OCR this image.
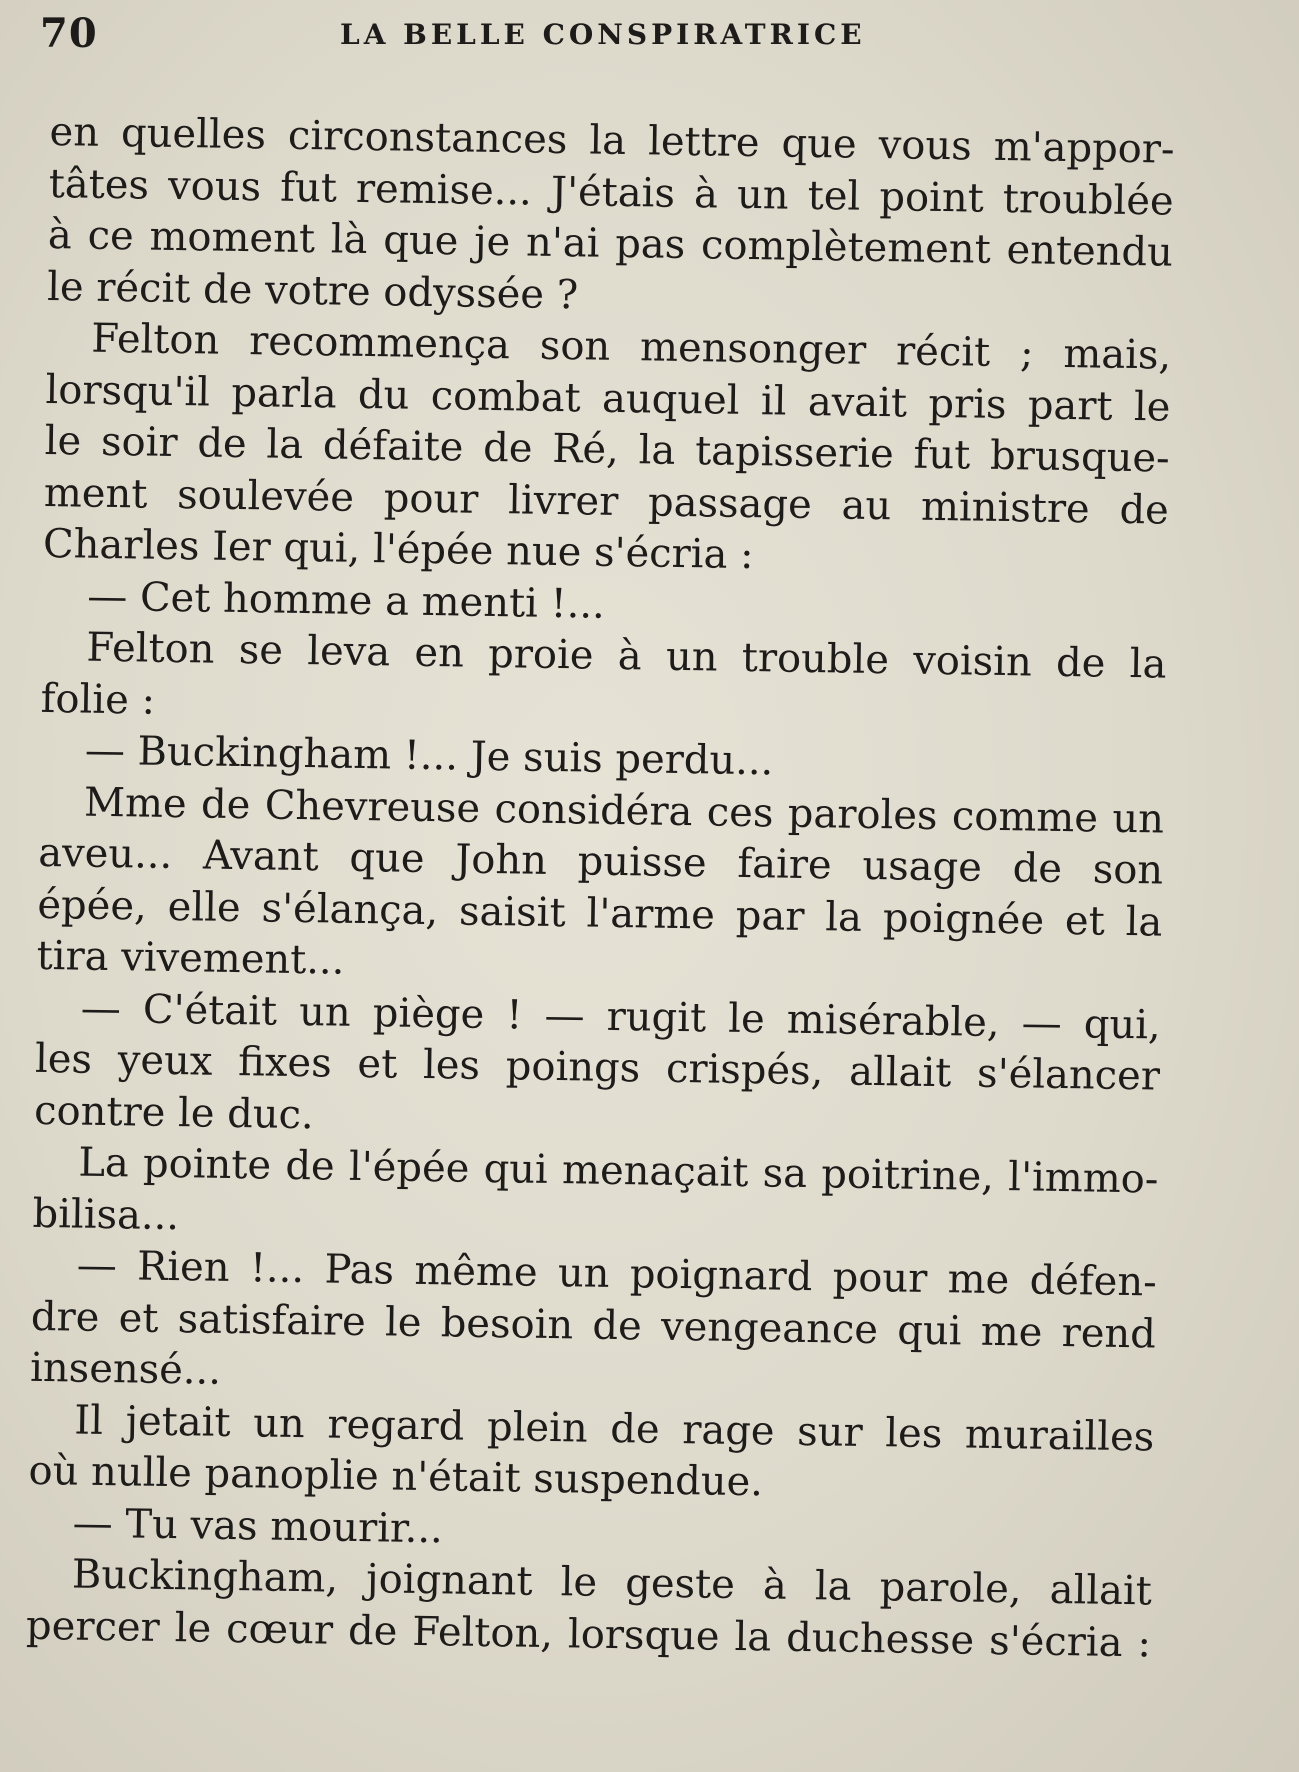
70	LA BELLE CONSPIRATRICE
en quelles circonstances la lettre que vous m'appor-
tâtes vous fut remise... J'étais à un tel point troublée
à ce moment là que je n'ai pas complètement entendu
le récit de votre odyssée ?
Felton recommença son mensonger récit ; mais,
lorsqu'il parla du combat auquel il avait pris part le
le soir de la défaite de Ré, la tapisserie fut brusque-
ment soulevée pour livrer passage au ministre de
Charles Ier qui, l'épée nue s'écria :
— Cet homme a menti !...
Felton se leva en proie à un trouble voisin de la
folie :
— Buckingham !... Je suis perdu...
Mme de Chevreuse considéra ces paroles comme un
aveu... Avant que John puisse faire usage de son
épée, elle s'élança, saisit l'arme par la poignée et la
tira vivement...
— C'était un piège ! — rugit le misérable, — qui,
les yeux fixes et les poings crispés, allait s'élancer
contre le duc.
La pointe de l'épée qui menaçait sa poitrine, l'immo-
bilisa...
— Rien !... Pas même un poignard pour me défen-
dre et satisfaire le besoin de vengeance qui me rend
insensé...
Il jetait un regard plein de rage sur les murailles
où nulle panoplie n'était suspendue.
— Tu vas mourir...
Buckingham, joignant le geste à la parole, allait
percer le cœur de Felton, lorsque la duchesse s'écria :
